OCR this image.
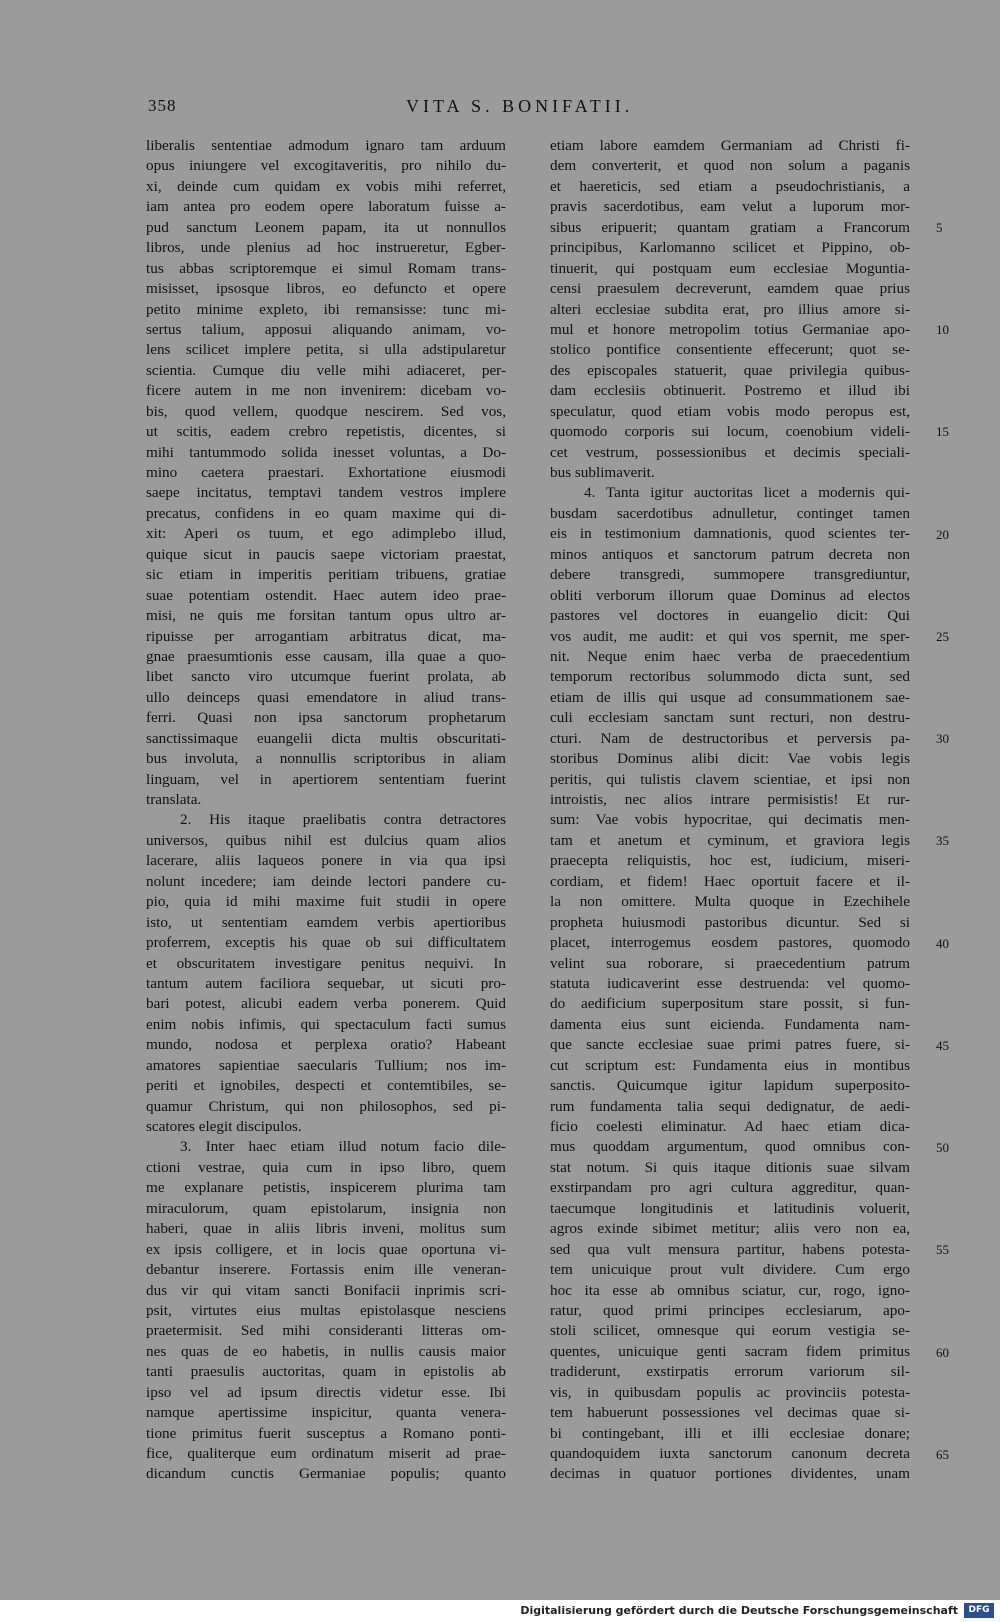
358	VITA S. BONIFATII.
liberalis sententiae admodum ignaro tam arduum
opus iniungere vel excogitaveritis, pro nihilo du-
xi, deinde cum quidam ex vobis mihi referret,
iam antea pro eodem opere laboratum fuisse a-
pud sanctum Leonem papam, ita ut nonnullos
libros, unde plenius ad hoc instrueretur, Egber-
tus abbas scriptoremque ei simul Romam trans-
misisset, ipsosque libros, eo defuncto et opere
petito minime expleto, ibi remansisse: tunc mi-
sertus talium, apposui aliquando animam, vo-
lens scilicet implere petita, si ulla adstipularetur
scientia. Cumque diu velle mihi adiaceret, per-
ficere autem in me non invenirem: dicebam vo-
bis, quod vellem, quodque nescirem. Sed vos,
ut scitis, eadem crebro repetistis, dicentes, si
mihi tantummodo solida inesset voluntas, a Do-
mino caetera praestari. Exhortatione eiusmodi
saepe incitatus, temptavi tandem vestros implere
precatus, confidens in eo quam maxime qui di-
xit: Aperi os tuum, et ego adimplebo illud,
quique sicut in paucis saepe victoriam praestat,
sic etiam in imperitis peritiam tribuens, gratiae
suae potentiam ostendit. Haec autem ideo prae-
misi, ne quis me forsitan tantum opus ultro ar-
ripuisse per arrogantiam arbitratus dicat, ma-
gnae praesumtionis esse causam, illa quae a quo-
libet sancto viro utcumque fuerint prolata, ab
ullo deinceps quasi emendatore in aliud trans-
ferri. Quasi non ipsa sanctorum prophetarum
sanctissimaque euangelii dicta multis obscuritati-
bus involuta, a nonnullis scriptoribus in aliam
linguam, vel in apertiorem sententiam fuerint
translata.
2. His itaque praelibatis contra detractores
universos, quibus nihil est dulcius quam alios
lacerare, aliis laqueos ponere in via qua ipsi
nolunt incedere; iam deinde lectori pandere cu-
pio, quia id mihi maxime fuit studii in opere
isto, ut sententiam eamdem verbis apertioribus
proferrem, exceptis his quae ob sui difficultatem
et obscuritatem investigare penitus nequivi. In
tantum autem faciliora sequebar, ut sicuti pro-
bari potest, alicubi eadem verba ponerem. Quid
enim nobis infimis, qui spectaculum facti sumus
mundo, nodosa et perplexa oratio? Habeant
amatores sapientiae saecularis Tullium; nos im-
periti et ignobiles, despecti et contemtibiles, se-
quamur Christum, qui non philosophos, sed pi-
scatores elegit discipulos.
3. Inter haec etiam illud notum facio dile-
ctioni vestrae, quia cum in ipso libro, quem
me explanare petistis, inspicerem plurima tam
miraculorum, quam epistolarum, insignia non
haberi, quae in aliis libris inveni, molitus sum
ex ipsis colligere, et in locis quae oportuna vi-
debantur inserere. Fortassis enim ille veneran-
dus vir qui vitam sancti Bonifacii inprimis scri-
psit, virtutes eius multas epistolasque nesciens
praetermisit. Sed mihi consideranti litteras om-
nes quas de eo habetis, in nullis causis maior
tanti praesulis auctoritas, quam in epistolis ab
ipso vel ad ipsum directis videtur esse. Ibi
namque apertissime inspicitur, quanta venera-
tione primitus fuerit susceptus a Romano ponti-
fice, qualiterque eum ordinatum miserit ad prae-
dicandum cunctis Germaniae populis; quanto
etiam labore eamdem Germaniam ad Christi fi-
dem converterit, et quod non solum a paganis
et haereticis, sed etiam a pseudochristianis, a
pravis sacerdotibus, eam velut a luporum mor-
sibus eripuerit; quantam gratiam a Francorum
principibus, Karlomanno scilicet et Pippino, ob-
tinuerit, qui postquam eum ecclesiae Moguntia-
censi praesulem decreverunt, eamdem quae prius
alteri ecclesiae subdita erat, pro illius amore si-
mul et honore metropolim totius Germaniae apo-
stolico pontifice consentiente effecerunt; quot se-
des episcopales statuerit, quae privilegia quibus-
dam ecclesiis obtinuerit. Postremo et illud ibi
speculatur, quod etiam vobis modo peropus est,
quomodo corporis sui locum, coenobium videli-
cet vestrum, possessionibus et decimis speciali-
bus sublimaverit.
4. Tanta igitur auctoritas licet a modernis qui-
busdam sacerdotibus adnulletur, continget tamen
eis in testimonium damnationis, quod scientes ter-
minos antiquos et sanctorum patrum decreta non
debere transgredi, summopere transgrediuntur,
obliti verborum illorum quae Dominus ad electos
pastores vel doctores in euangelio dicit: Qui
vos audit, me audit: et qui vos spernit, me sper-
nit. Neque enim haec verba de praecedentium
temporum rectoribus solummodo dicta sunt, sed
etiam de illis qui usque ad consummationem sae-
culi ecclesiam sanctam sunt recturi, non destru-
cturi. Nam de destructoribus et perversis pa-
storibus Dominus alibi dicit: Vae vobis legis
peritis, qui tulistis clavem scientiae, et ipsi non
introistis, nec alios intrare permisistis! Et rur-
sum: Vae vobis hypocritae, qui decimatis men-
tam et anetum et cyminum, et graviora legis
praecepta reliquistis, hoc est, iudicium, miseri-
cordiam, et fidem! Haec oportuit facere et il-
la non omittere. Multa quoque in Ezechihele
propheta huiusmodi pastoribus dicuntur. Sed si
placet, interrogemus eosdem pastores, quomodo
velint sua roborare, si praecedentium patrum
statuta iudicaverint esse destruenda: vel quomo-
do aedificium superpositum stare possit, si fun-
damenta eius sunt eicienda. Fundamenta nam-
que sancte ecclesiae suae primi patres fuere, si-
cut scriptum est: Fundamenta eius in montibus
sanctis. Quicumque igitur lapidum superposito-
rum fundamenta talia sequi dedignatur, de aedi-
ficio coelesti eliminatur. Ad haec etiam dica-
mus quoddam argumentum, quod omnibus con-
stat notum. Si quis itaque ditionis suae silvam
exstirpandam pro agri cultura aggreditur, quan-
taecumque longitudinis et latitudinis voluerit,
agros exinde sibimet metitur; aliis vero non ea,
sed qua vult mensura partitur, habens potesta-
tem unicuique prout vult dividere. Cum ergo
hoc ita esse ab omnibus sciatur, cur, rogo, igno-
ratur, quod primi principes ecclesiarum, apo-
stoli scilicet, omnesque qui eorum vestigia se-
quentes, unicuique genti sacram fidem primitus
tradiderunt, exstirpatis errorum variorum sil-
vis, in quibusdam populis ac provinciis potesta-
tem habuerunt possessiones vel decimas quae si-
bi contingebant, illi et illi ecclesiae donare;
quandoquidem iuxta sanctorum canonum decreta
decimas in quatuor portiones dividentes, unam
5
10
15
20
25
30
35
40
45
50
55
60
65
Digitalisierung gefördert durch die Deutsche Forschungsgemeinschaft	DFG
